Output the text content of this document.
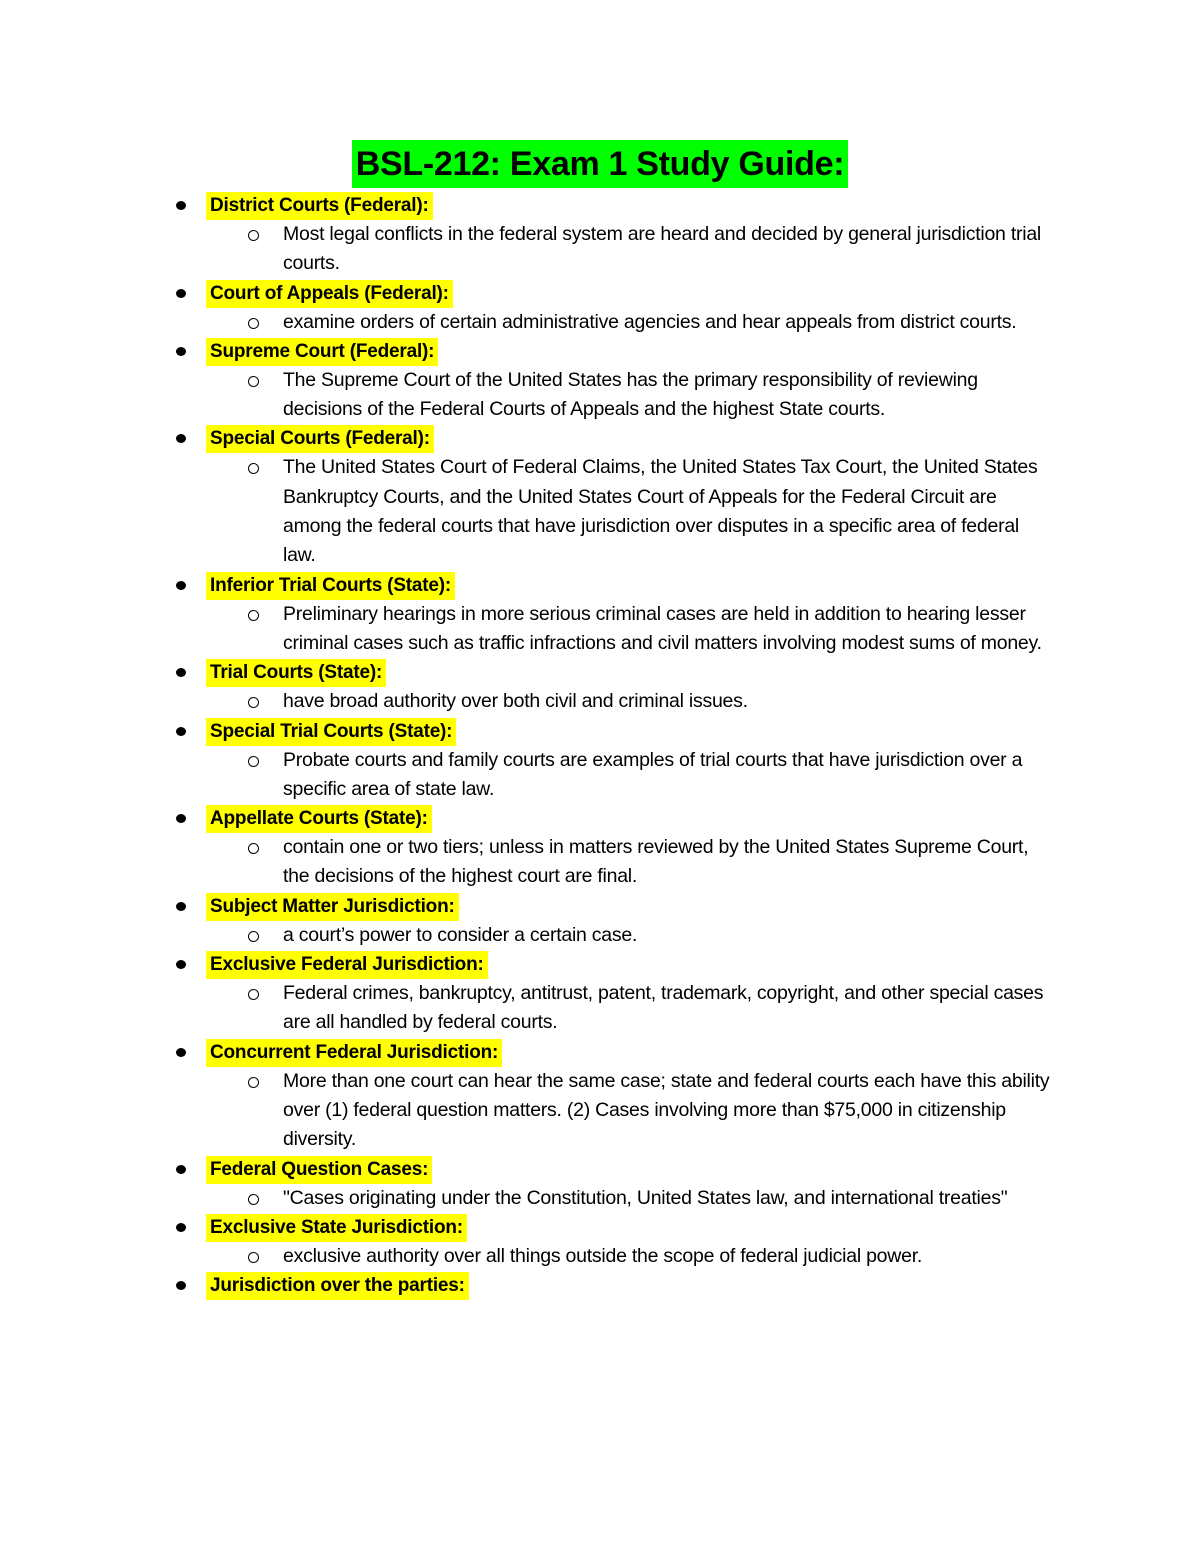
BSL-212: Exam 1 Study Guide:
District Courts (Federal):
Most legal conflicts in the federal system are heard and decided by general jurisdiction trial courts.
Court of Appeals (Federal):
examine orders of certain administrative agencies and hear appeals from district courts.
Supreme Court (Federal):
The Supreme Court of the United States has the primary responsibility of reviewing decisions of the Federal Courts of Appeals and the highest State courts.
Special Courts (Federal):
The United States Court of Federal Claims, the United States Tax Court, the United States Bankruptcy Courts, and the United States Court of Appeals for the Federal Circuit are among the federal courts that have jurisdiction over disputes in a specific area of federal law.
Inferior Trial Courts (State):
Preliminary hearings in more serious criminal cases are held in addition to hearing lesser criminal cases such as traffic infractions and civil matters involving modest sums of money.
Trial Courts (State):
have broad authority over both civil and criminal issues.
Special Trial Courts (State):
Probate courts and family courts are examples of trial courts that have jurisdiction over a specific area of state law.
Appellate Courts (State):
contain one or two tiers; unless in matters reviewed by the United States Supreme Court, the decisions of the highest court are final.
Subject Matter Jurisdiction:
a court’s power to consider a certain case.
Exclusive Federal Jurisdiction:
Federal crimes, bankruptcy, antitrust, patent, trademark, copyright, and other special cases are all handled by federal courts.
Concurrent Federal Jurisdiction:
More than one court can hear the same case; state and federal courts each have this ability over (1) federal question matters. (2) Cases involving more than $75,000 in citizenship diversity.
Federal Question Cases:
"Cases originating under the Constitution, United States law, and international treaties"
Exclusive State Jurisdiction:
exclusive authority over all things outside the scope of federal judicial power.
Jurisdiction over the parties:
